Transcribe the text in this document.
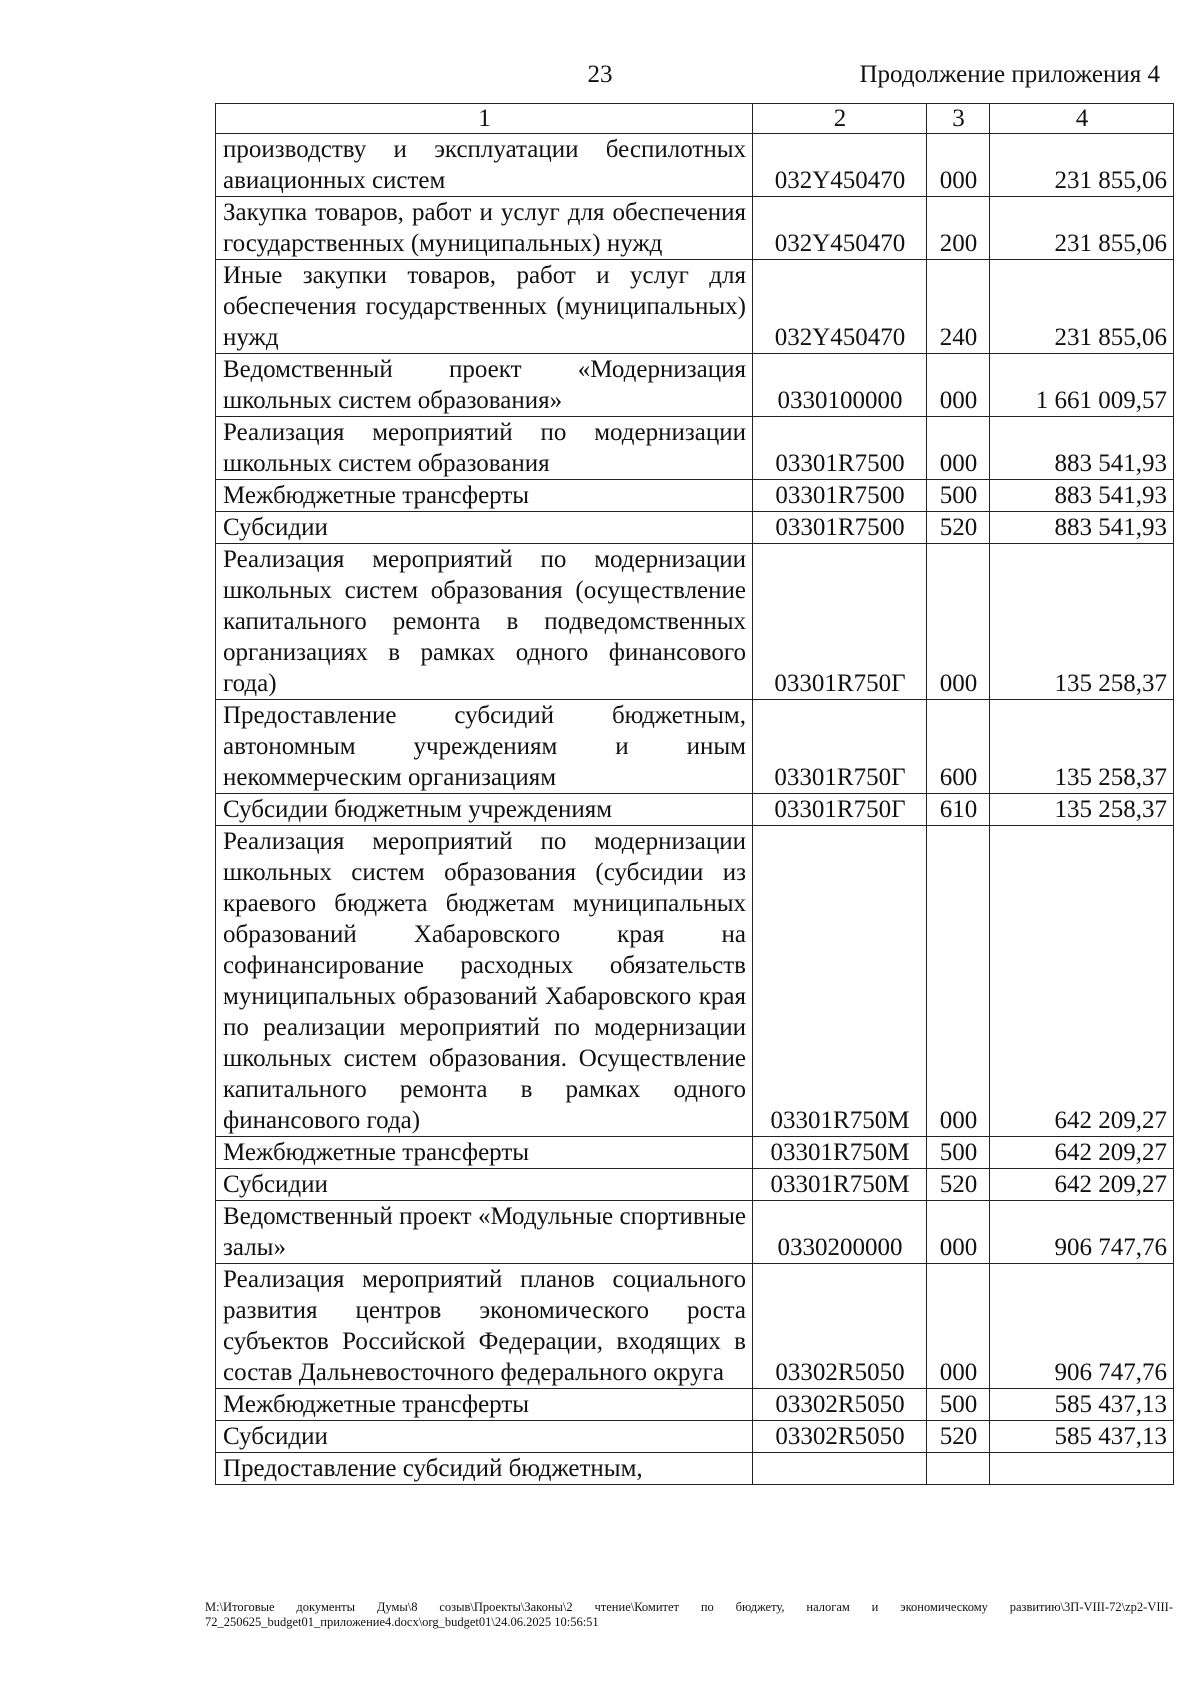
23	Продолжение приложения 4
1	2	3	4
производству и эксплуатации беспилотных авиационных систем	032Y450470	000	231 855,06
Закупка товаров, работ и услуг для обеспечения государственных (муниципальных) нужд	032Y450470	200	231 855,06
Иные закупки товаров, работ и услуг для обеспечения государственных (муниципальных) нужд	032Y450470	240	231 855,06
Ведомственный проект «Модернизация школьных систем образования»	0330100000	000	1 661 009,57
Реализация мероприятий по модернизации школьных систем образования	03301R7500	000	883 541,93
Межбюджетные трансферты	03301R7500	500	883 541,93
Субсидии	03301R7500	520	883 541,93
Реализация мероприятий по модернизации школьных систем образования (осуществление капитального ремонта в подведомственных организациях в рамках одного финансового года)	03301R750Г	000	135 258,37
Предоставление субсидий бюджетным, автономным учреждениям и иным некоммерческим организациям	03301R750Г	600	135 258,37
Субсидии бюджетным учреждениям	03301R750Г	610	135 258,37
Реализация мероприятий по модернизации школьных систем образования (субсидии из краевого бюджета бюджетам муниципальных образований Хабаровского края на софинансирование расходных обязательств муниципальных образований Хабаровского края по реализации мероприятий по модернизации школьных систем образования. Осуществление капитального ремонта в рамках одного финансового года)	03301R750M	000	642 209,27
Межбюджетные трансферты	03301R750M	500	642 209,27
Субсидии	03301R750M	520	642 209,27
Ведомственный проект «Модульные спортивные залы»	0330200000	000	906 747,76
Реализация мероприятий планов социального развития центров экономического роста субъектов Российской Федерации, входящих в состав Дальневосточного федерального округа	03302R5050	000	906 747,76
Межбюджетные трансферты	03302R5050	500	585 437,13
Субсидии	03302R5050	520	585 437,13
Предоставление субсидий бюджетным,			
M:\Итоговые документы Думы\8 созыв\Проекты\Законы\2 чтение\Комитет по бюджету, налогам и экономическому развитию\3П-VIII-72\zp2-VIII-72_250625_budget01_приложение4.docx\org_budget01\24.06.2025 10:56:51
